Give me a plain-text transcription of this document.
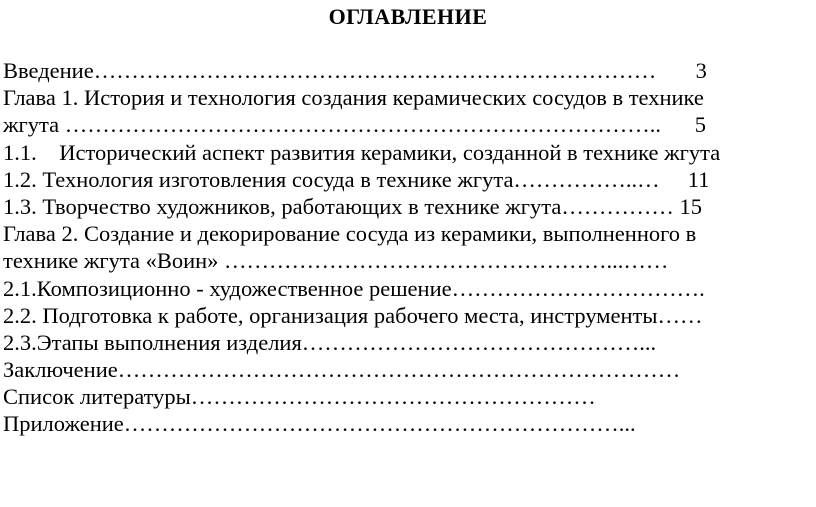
ОГЛАВЛЕНИЕ
Введение…………………………………………………………………       3
Глава 1. История и технология создания керамических сосудов в технике
жгута ……………………………………………………………………..      5
1.1.    Исторический аспект развития керамики, созданной в технике жгута
1.2. Технология изготовления сосуда в технике жгута……………..…     11
1.3. Творчество художников, работающих в технике жгута…………… 15
Глава 2. Создание и декорирование сосуда из керамики, выполненного в
технике жгута «Воин» ……………………………………………...……
2.1.Композиционно - художественное решение…………………………….
2.2. Подготовка к работе, организация рабочего места, инструменты……
2.3.Этапы выполнения изделия………………………………………...
Заключение…………………………………………………………………
Список литературы………………………………………………
Приложение…………………………………………………………...
